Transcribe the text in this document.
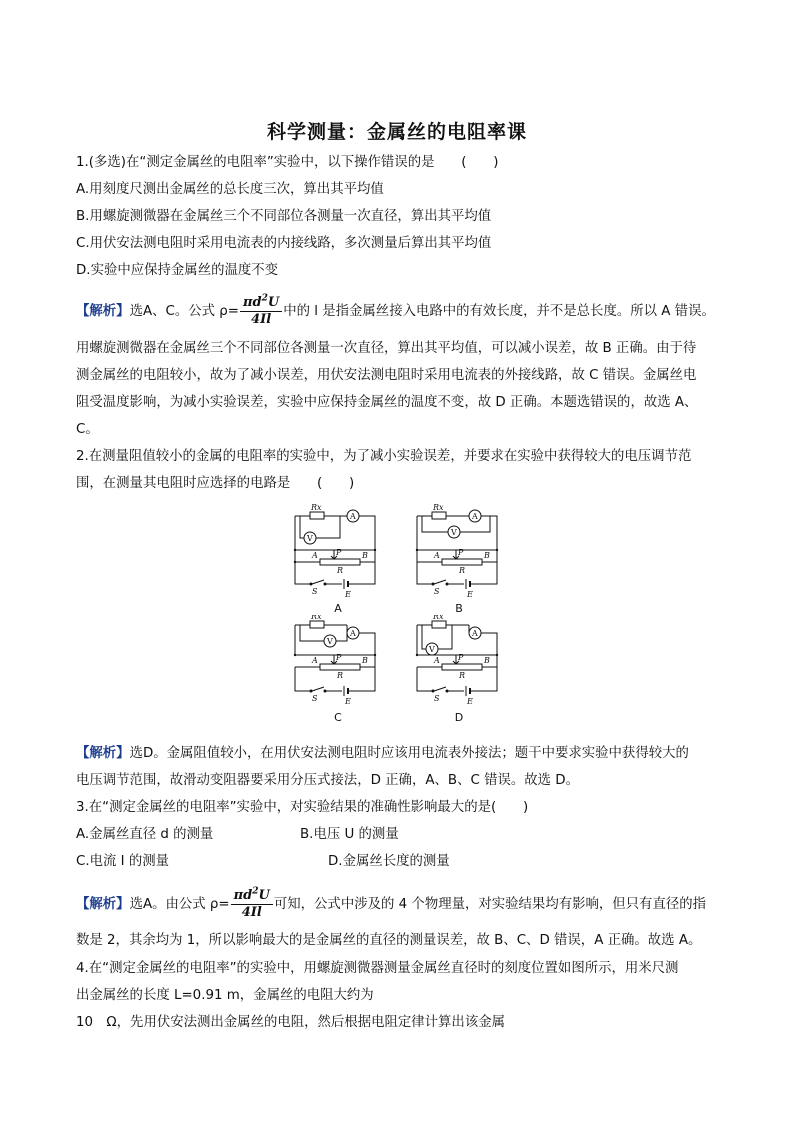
科学测量：金属丝的电阻率课
1.(多选)在“测定金属丝的电阻率”实验中，以下操作错误的是　　(　　)
A.用刻度尺测出金属丝的总长度三次，算出其平均值
B.用螺旋测微器在金属丝三个不同部位各测量一次直径，算出其平均值
C.用伏安法测电阻时采用电流表的内接线路，多次测量后算出其平均值
D.实验中应保持金属丝的温度不变
【解析】选A、C。公式 $\rho= \frac{\pi d^2U}{4Il}$ 中的 l 是指金属丝接入电路中的有效长度，并不是总长度。所以 A 错误。
用螺旋测微器在金属丝三个不同部位各测量一次直径，算出其平均值，可以减小误差，故 B 正确。由于待
测金属丝的电阻较小，故为了减小误差，用伏安法测电阻时采用电流表的外接线路，故 C 错误。金属丝电
阻受温度影响，为减小实验误差，实验中应保持金属丝的温度不变，故 D 正确。本题选错误的，故选 A、
C。
2.在测量阻值较小的金属的电阻率的实验中，为了减小实验误差，并要求在实验中获得较大的电压调节范
围，在测量其电阻时应选择的电路是　　(　　)
Rx
A
V
A P	B
R
S	E
A
Rx
A
V
A P	B
R
S	E
B
Rx
A
V
A P	B
R
S	E
C
Rx
A
V
A P	B
R
S	E
D
【解析】选D。金属阻值较小，在用伏安法测电阻时应该用电流表外接法；题干中要求实验中获得较大的
电压调节范围，故滑动变阻器要采用分压式接法，D 正确，A、B、C 错误。故选 D。
3.在“测定金属丝的电阻率”实验中，对实验结果的准确性影响最大的是(　　)
A.金属丝直径 d 的测量	B.电压 U 的测量
C.电流 I 的测量	D.金属丝长度的测量
【解析】选A。由公式 $\rho= \frac{\pi d^2U}{4Il}$ 可知，公式中涉及的 4 个物理量，对实验结果均有影响，但只有直径的指
数是 2，其余均为 1，所以影响最大的是金属丝的直径的测量误差，故 B、C、D 错误，A 正确。故选 A。
4.在“测定金属丝的电阻率”的实验中，用螺旋测微器测量金属丝直径时的刻度位置如图所示，用米尺测
出金属丝的长度 L=0.91 m，金属丝的电阻大约为
10　Ω，先用伏安法测出金属丝的电阻，然后根据电阻定律计算出该金属
